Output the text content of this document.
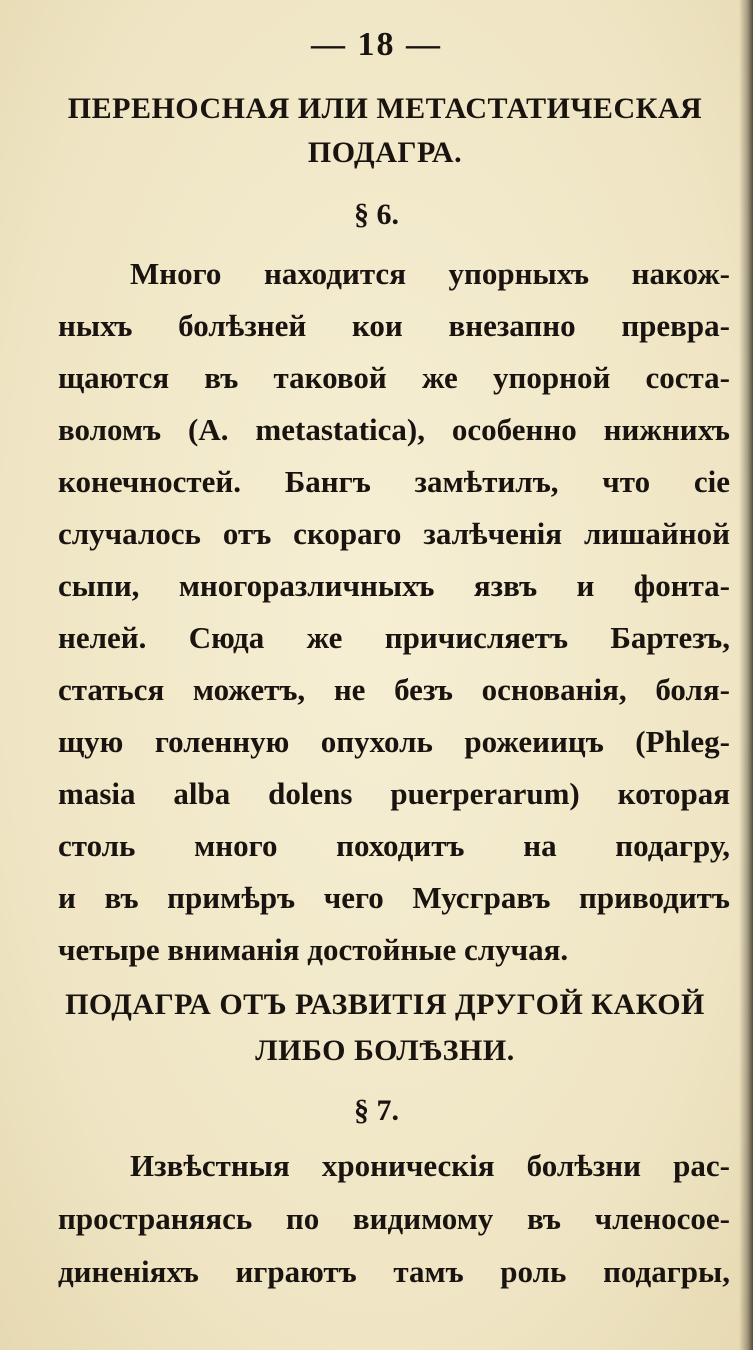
— 18 —
ПЕРЕНОСНАЯ ИЛИ МЕТАСТАТИЧЕСКАЯ
ПОДАГРА.
§ 6.
Много находится упорныхъ накож-
ныхъ болѣзней кои внезапно превра-
щаются въ таковой же упорной соста-
воломъ (A. metastatica), особенно нижнихъ
конечностей. Бангъ замѣтилъ, что сіе
случалось отъ скораго залѣченія лишайной
сыпи, многоразличныхъ язвъ и фонта-
нелей. Сюда же причисляетъ Бартезъ,
статься можетъ, не безъ основанія, боля-
щую голенную опухоль рожеиицъ (Phleg-
masia alba dolens puerperarum) которая
столь много походитъ на подагру,
и въ примѣръ чего Мусгравъ приводитъ
четыре вниманія достойные случая.
ПОДАГРА ОТЪ РАЗВИТІЯ ДРУГОЙ КАКОЙ
ЛИБО БОЛѢЗНИ.
§ 7.
Извѣстныя хроническія болѣзни рас-
пространяясь по видимому въ членосое-
диненіяхъ играютъ тамъ роль подагры,
